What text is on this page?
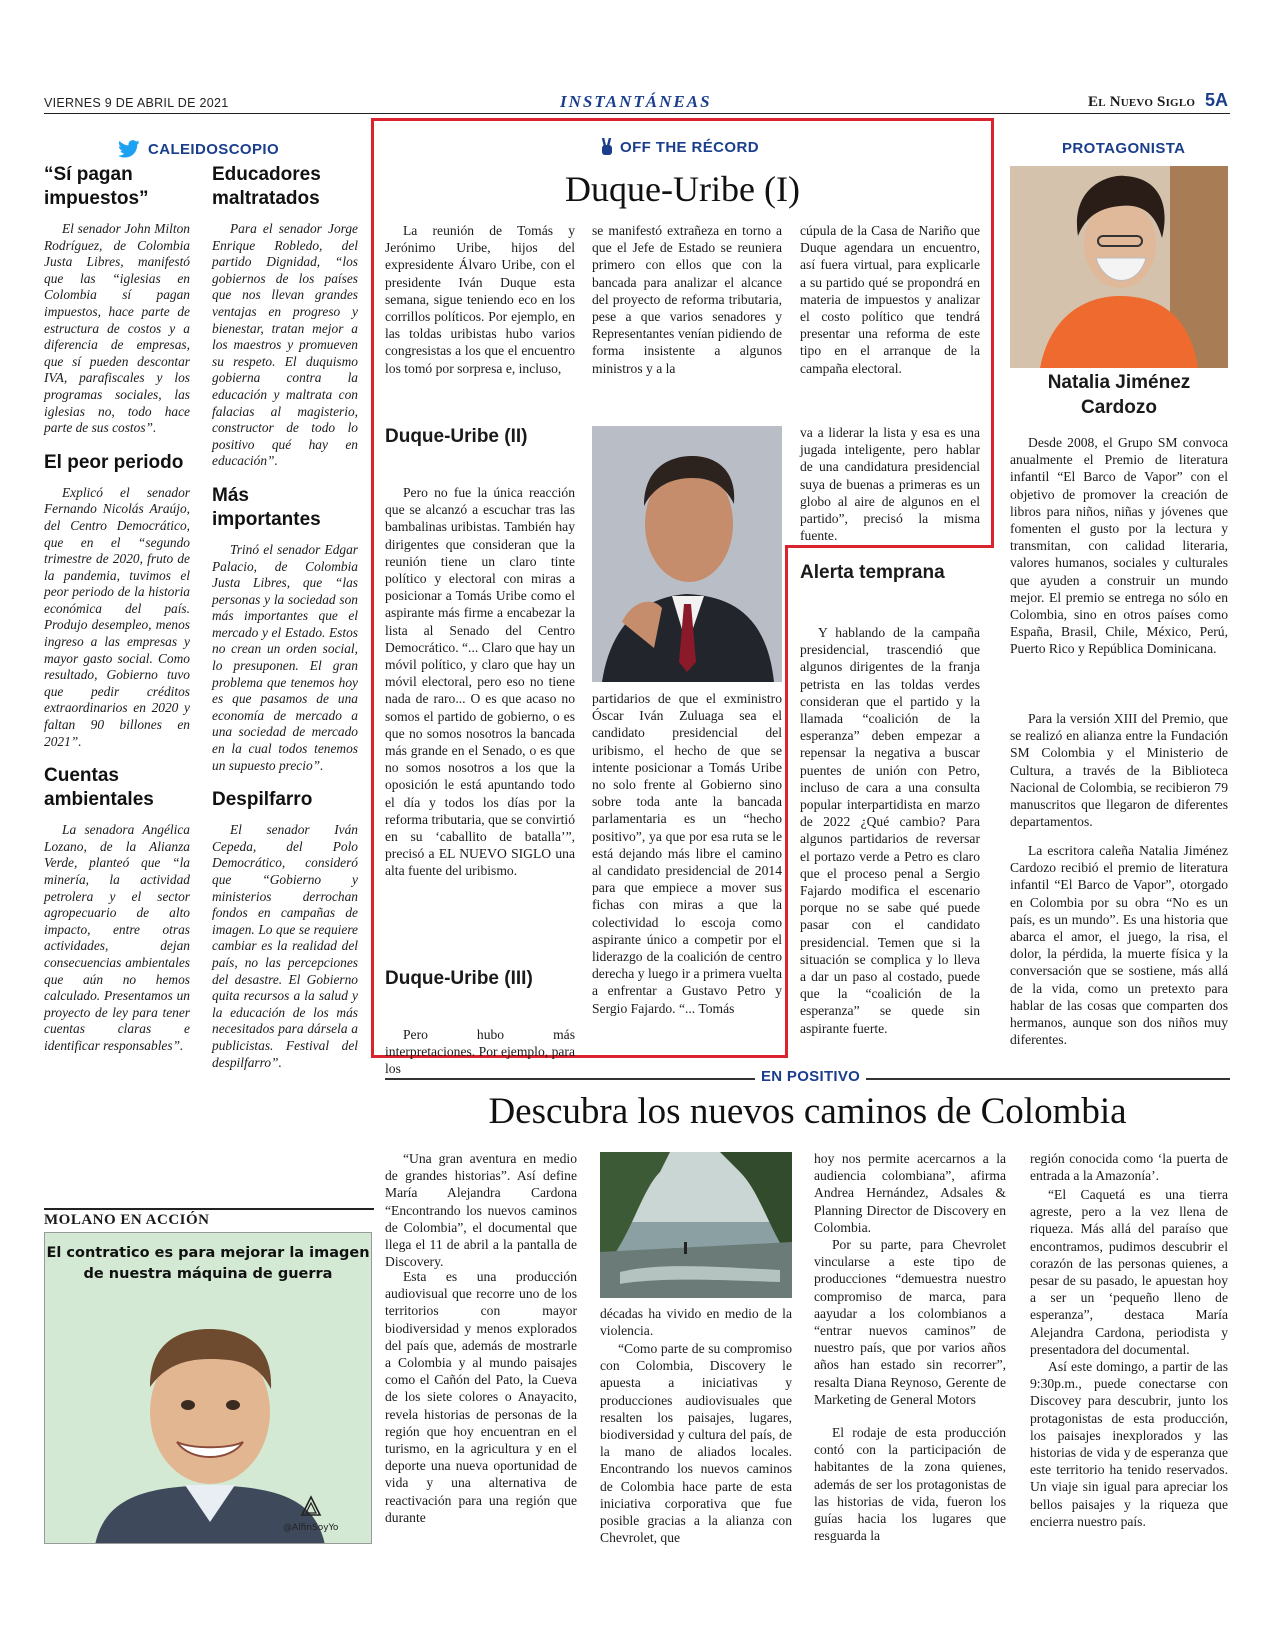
VIERNES 9 DE ABRIL DE 2021	INSTANTÁNEAS	El Nuevo Siglo 5A
CALEIDOSCOPIO
“Sí pagan impuestos”
El senador John Milton Rodríguez, de Colombia Justa Libres, manifestó que las “iglesias en Colombia sí pagan impuestos, hace parte de estructura de costos y a diferencia de empresas, que sí pueden descontar IVA, parafiscales y los programas sociales, las iglesias no, todo hace parte de sus costos”.
El peor periodo
Explicó el senador Fernando Nicolás Araújo, del Centro Democrático, que en el “segundo trimestre de 2020, fruto de la pandemia, tuvimos el peor periodo de la historia económica del país. Produjo desempleo, menos ingreso a las empresas y mayor gasto social. Como resultado, Gobierno tuvo que pedir créditos extraordinarios en 2020 y faltan 90 billones en 2021”.
Cuentas ambientales
La senadora Angélica Lozano, de la Alianza Verde, planteó que “la minería, la actividad petrolera y el sector agropecuario de alto impacto, entre otras actividades, dejan consecuencias ambientales que aún no hemos calculado. Presentamos un proyecto de ley para tener cuentas claras e identificar responsables”.
Educadores maltratados
Para el senador Jorge Enrique Robledo, del partido Dignidad, “los gobiernos de los países que nos llevan grandes ventajas en progreso y bienestar, tratan mejor a los maestros y promueven su respeto. El duquismo gobierna contra la educación y maltrata con falacias al magisterio, constructor de todo lo positivo qué hay en educación”.
Más importantes
Trinó el senador Edgar Palacio, de Colombia Justa Libres, que “las personas y la sociedad son más importantes que el mercado y el Estado. Estos no crean un orden social, lo presuponen. El gran problema que tenemos hoy es que pasamos de una economía de mercado a una sociedad de mercado en la cual todos tenemos un supuesto precio”.
Despilfarro
El senador Iván Cepeda, del Polo Democrático, consideró que “Gobierno y ministerios derrochan fondos en campañas de imagen. Lo que se requiere cambiar es la realidad del país, no las percepciones del desastre. El Gobierno quita recursos a la salud y la educación de los más necesitados para dársela a publicistas. Festival del despilfarro”.
MOLANO EN ACCIÓN
El contratico es para mejorar la imagen de nuestra máquina de guerra
@AlfinSoyYo
OFF THE RÉCORD
Duque-Uribe (I)
La reunión de Tomás y Jerónimo Uribe, hijos del expresidente Álvaro Uribe, con el presidente Iván Duque esta semana, sigue teniendo eco en los corrillos políticos. Por ejemplo, en las toldas uribistas hubo varios congresistas a los que el encuentro los tomó por sorpresa e, incluso,
se manifestó extrañeza en torno a que el Jefe de Estado se reuniera primero con ellos que con la bancada para analizar el alcance del proyecto de reforma tributaria, pese a que varios senadores y Representantes venían pidiendo de forma insistente a algunos ministros y a la
cúpula de la Casa de Nariño que Duque agendara un encuentro, así fuera virtual, para explicarle a su partido qué se propondrá en materia de impuestos y analizar el costo político que tendrá presentar una reforma de este tipo en el arranque de la campaña electoral.
Duque-Uribe (II)
Pero no fue la única reacción que se alcanzó a escuchar tras las bambalinas uribistas. También hay dirigentes que consideran que la reunión tiene un claro tinte político y electoral con miras a posicionar a Tomás Uribe como el aspirante más firme a encabezar la lista al Senado del Centro Democrático. “... Claro que hay un móvil político, y claro que hay un móvil electoral, pero eso no tiene nada de raro... O es que acaso no somos el partido de gobierno, o es que no somos nosotros la bancada más grande en el Senado, o es que no somos nosotros a los que la oposición le está apuntando todo el día y todos los días por la reforma tributaria, que se convirtió en su ‘caballito de batalla’”, precisó a EL NUEVO SIGLO una alta fuente del uribismo.
Duque-Uribe (III)
Pero hubo más interpretaciones. Por ejemplo, para los
partidarios de que el exministro Óscar Iván Zuluaga sea el candidato presidencial del uribismo, el hecho de que se intente posicionar a Tomás Uribe no solo frente al Gobierno sino sobre toda ante la bancada parlamentaria es un “hecho positivo”, ya que por esa ruta se le está dejando más libre el camino al candidato presidencial de 2014 para que empiece a mover sus fichas con miras a que la colectividad lo escoja como aspirante único a competir por el liderazgo de la coalición de centro derecha y luego ir a primera vuelta a enfrentar a Gustavo Petro y Sergio Fajardo. “... Tomás
va a liderar la lista y esa es una jugada inteligente, pero hablar de una candidatura presidencial suya de buenas a primeras es un globo al aire de algunos en el partido”, precisó la misma fuente.
Alerta temprana
Y hablando de la campaña presidencial, trascendió que algunos dirigentes de la franja petrista en las toldas verdes consideran que el partido y la llamada “coalición de la esperanza” deben empezar a repensar la negativa a buscar puentes de unión con Petro, incluso de cara a una consulta popular interpartidista en marzo de 2022 ¿Qué cambio? Para algunos partidarios de reversar el portazo verde a Petro es claro que el proceso penal a Sergio Fajardo modifica el escenario porque no se sabe qué puede pasar con el candidato presidencial. Temen que si la situación se complica y lo lleva a dar un paso al costado, puede que la “coalición de la esperanza” se quede sin aspirante fuerte.
PROTAGONISTA
Natalia Jiménez Cardozo
Desde 2008, el Grupo SM convoca anualmente el Premio de literatura infantil “El Barco de Vapor” con el objetivo de promover la creación de libros para niños, niñas y jóvenes que fomenten el gusto por la lectura y transmitan, con calidad literaria, valores humanos, sociales y culturales que ayuden a construir un mundo mejor. El premio se entrega no sólo en Colombia, sino en otros países como España, Brasil, Chile, México, Perú, Puerto Rico y República Dominicana.
Para la versión XIII del Premio, que se realizó en alianza entre la Fundación SM Colombia y el Ministerio de Cultura, a través de la Biblioteca Nacional de Colombia, se recibieron 79 manuscritos que llegaron de diferentes departamentos.
La escritora caleña Natalia Jiménez Cardozo recibió el premio de literatura infantil “El Barco de Vapor”, otorgado en Colombia por su obra “No es un país, es un mundo”. Es una historia que abarca el amor, el juego, la risa, el dolor, la pérdida, la muerte física y la conversación que se sostiene, más allá de la vida, como un pretexto para hablar de las cosas que comparten dos hermanos, aunque son dos niños muy diferentes.
EN POSITIVO
Descubra los nuevos caminos de Colombia
“Una gran aventura en medio de grandes historias”. Así define María Alejandra Cardona “Encontrando los nuevos caminos de Colombia”, el documental que llega el 11 de abril a la pantalla de Discovery.
Esta es una producción audiovisual que recorre uno de los territorios con mayor biodiversidad y menos explorados del país que, además de mostrarle a Colombia y al mundo paisajes como el Cañón del Pato, la Cueva de los siete colores o Anayacito, revela historias de personas de la región que hoy encuentran en el turismo, en la agricultura y en el deporte una nueva oportunidad de vida y una alternativa de reactivación para una región que durante
décadas ha vivido en medio de la violencia.
“Como parte de su compromiso con Colombia, Discovery le apuesta a iniciativas y producciones audiovisuales que resalten los paisajes, lugares, biodiversidad y cultura del país, de la mano de aliados locales. Encontrando los nuevos caminos de Colombia hace parte de esta iniciativa corporativa que fue posible gracias a la alianza con Chevrolet, que
hoy nos permite acercarnos a la audiencia colombiana”, afirma Andrea Hernández, Adsales & Planning Director de Discovery en Colombia.
Por su parte, para Chevrolet vincularse a este tipo de producciones “demuestra nuestro compromiso de marca, para aayudar a los colombianos a “entrar nuevos caminos” de nuestro país, que por varios años años han estado sin recorrer”, resalta Diana Reynoso, Gerente de Marketing de General Motors
El rodaje de esta producción contó con la participación de habitantes de la zona quienes, además de ser los protagonistas de las historias de vida, fueron los guías hacia los lugares que resguarda la
región conocida como ‘la puerta de entrada a la Amazonía’.
“El Caquetá es una tierra agreste, pero a la vez llena de riqueza. Más allá del paraíso que encontramos, pudimos descubrir el corazón de las personas quienes, a pesar de su pasado, le apuestan hoy a ser un ‘pequeño lleno de esperanza”, destaca María Alejandra Cardona, periodista y presentadora del documental.
Así este domingo, a partir de las 9:30p.m., puede conectarse con Discovey para descubrir, junto los protagonistas de esta producción, los paisajes inexplorados y las historias de vida y de esperanza que este territorio ha tenido reservados. Un viaje sin igual para apreciar los bellos paisajes y la riqueza que encierra nuestro país.
